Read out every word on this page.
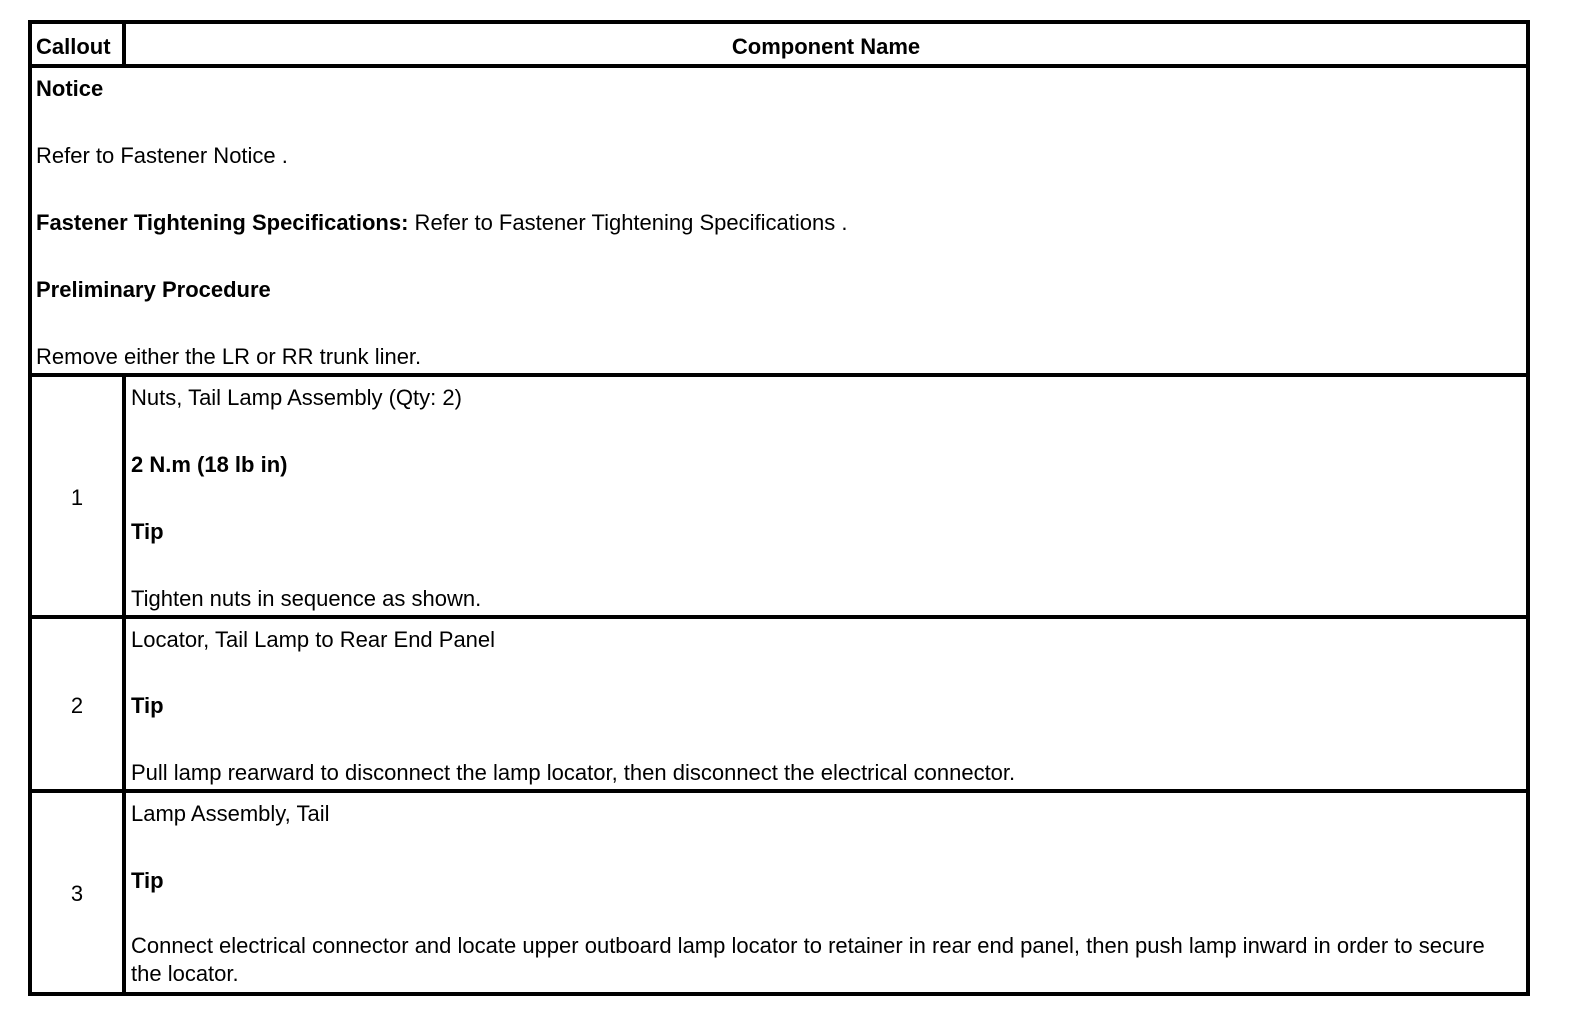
Callout	Component Name
Notice
Refer to Fastener Notice .
Fastener Tightening Specifications: Refer to Fastener Tightening Specifications .
Preliminary Procedure
Remove either the LR or RR trunk liner.
1
Nuts, Tail Lamp Assembly (Qty: 2)
2 N.m (18 lb in)
Tip
Tighten nuts in sequence as shown.
2
Locator, Tail Lamp to Rear End Panel
Tip
Pull lamp rearward to disconnect the lamp locator, then disconnect the electrical connector.
3
Lamp Assembly, Tail
Tip
Connect electrical connector and locate upper outboard lamp locator to retainer in rear end panel, then push lamp inward in order to secure the locator.
